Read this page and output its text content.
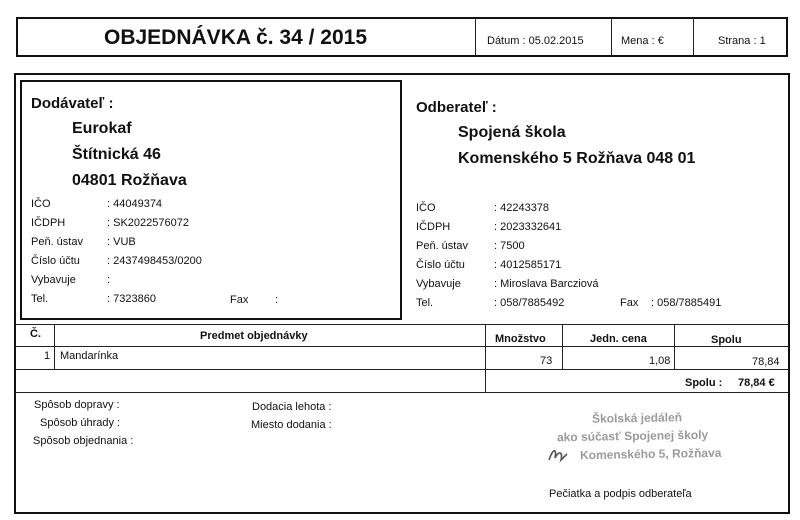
OBJEDNÁVKA č. 34 / 2015	Dátum : 05.02.2015	Mena : €	Strana : 1
Dodávateľ :
Eurokaf
Štítnická 46
04801 Rožňava
IČO	: 44049374
IČDPH	: SK2022576072
Peň. ústav : VUB
Číslo účtu : 2437498453/0200
Vybavuje	:
Tel.	: 7323860	Fax :
Odberateľ :
Spojená škola
Komenského 5 Rožňava 048 01
IČO	: 42243378
IČDPH	: 2023332641
Peň. ústav : 7500
Číslo účtu	: 4012585171
Vybavuje	: Miroslava Barcziová
Tel.	: 058/7885492	Fax : 058/7885491
Č.	Predmet objednávky	Množstvo	Jedn. cena	Spolu
1 Mandarínka	73	1,08	78,84
Spolu : 78,84 €
Spôsob dopravy :
Spôsob úhrady :
Spôsob objednania :
Dodacia lehota :
Miesto dodania :	Školská jedáleň
ako súčasť Spojenej školy
Komenského 5, Rožňava
Pečiatka a podpis odberateľa
